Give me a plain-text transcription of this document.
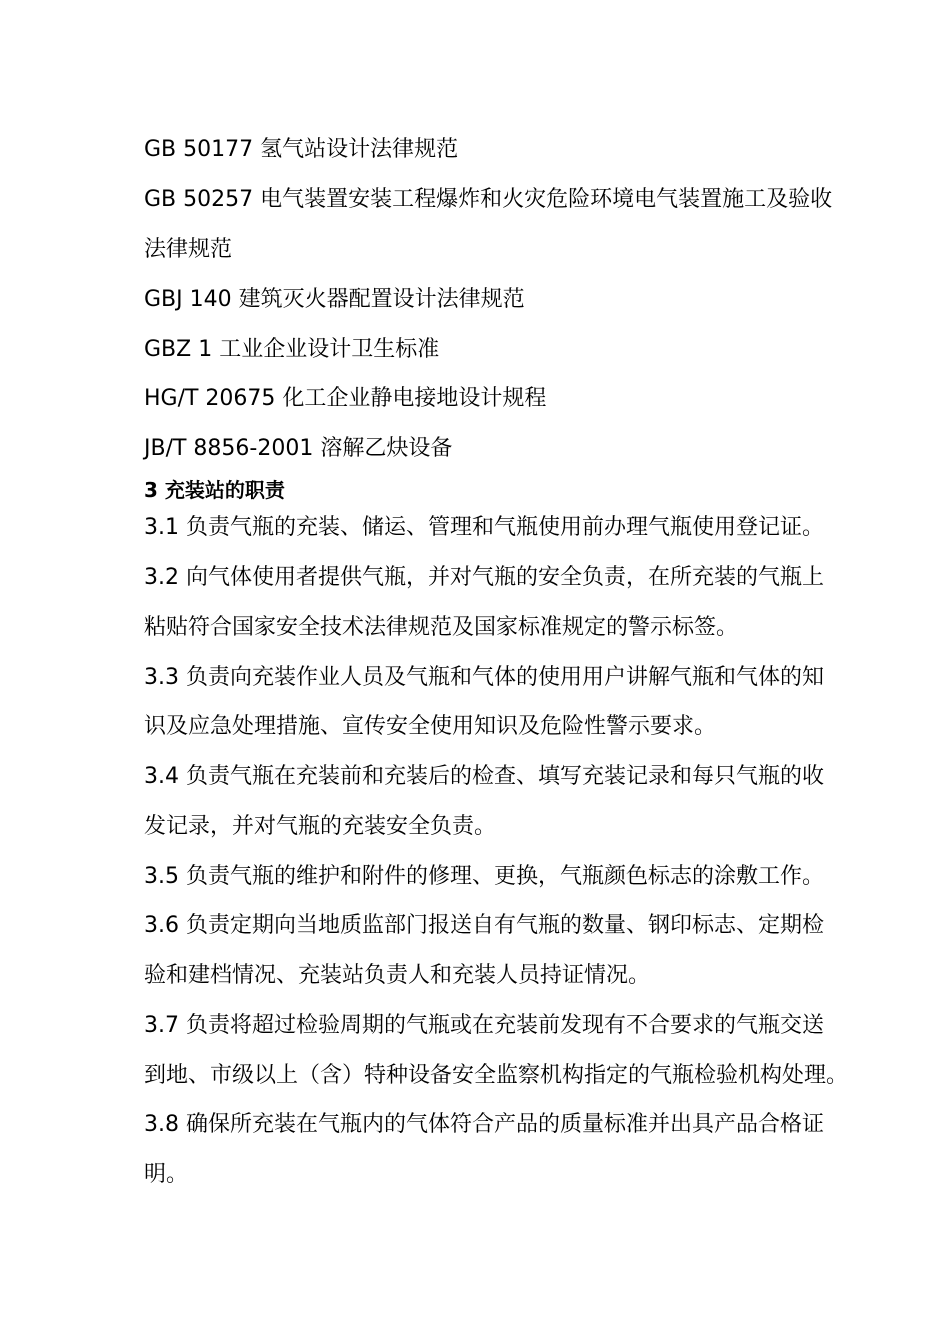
GB 50177 氢气站设计法律规范
GB 50257 电气装置安装工程爆炸和火灾危险环境电气装置施工及验收
法律规范
GBJ 140 建筑灭火器配置设计法律规范
GBZ 1 工业企业设计卫生标准
HG/T 20675 化工企业静电接地设计规程
JB/T 8856-2001 溶解乙炔设备
3 充装站的职责
3.1 负责气瓶的充装、储运、管理和气瓶使用前办理气瓶使用登记证。
3.2 向气体使用者提供气瓶，并对气瓶的安全负责，在所充装的气瓶上
粘贴符合国家安全技术法律规范及国家标准规定的警示标签。
3.3 负责向充装作业人员及气瓶和气体的使用用户讲解气瓶和气体的知
识及应急处理措施、宣传安全使用知识及危险性警示要求。
3.4 负责气瓶在充装前和充装后的检查、填写充装记录和每只气瓶的收
发记录，并对气瓶的充装安全负责。
3.5 负责气瓶的维护和附件的修理、更换，气瓶颜色标志的涂敷工作。
3.6 负责定期向当地质监部门报送自有气瓶的数量、钢印标志、定期检
验和建档情况、充装站负责人和充装人员持证情况。
3.7 负责将超过检验周期的气瓶或在充装前发现有不合要求的气瓶交送
到地、市级以上（含）特种设备安全监察机构指定的气瓶检验机构处理。
3.8 确保所充装在气瓶内的气体符合产品的质量标准并出具产品合格证
明。
